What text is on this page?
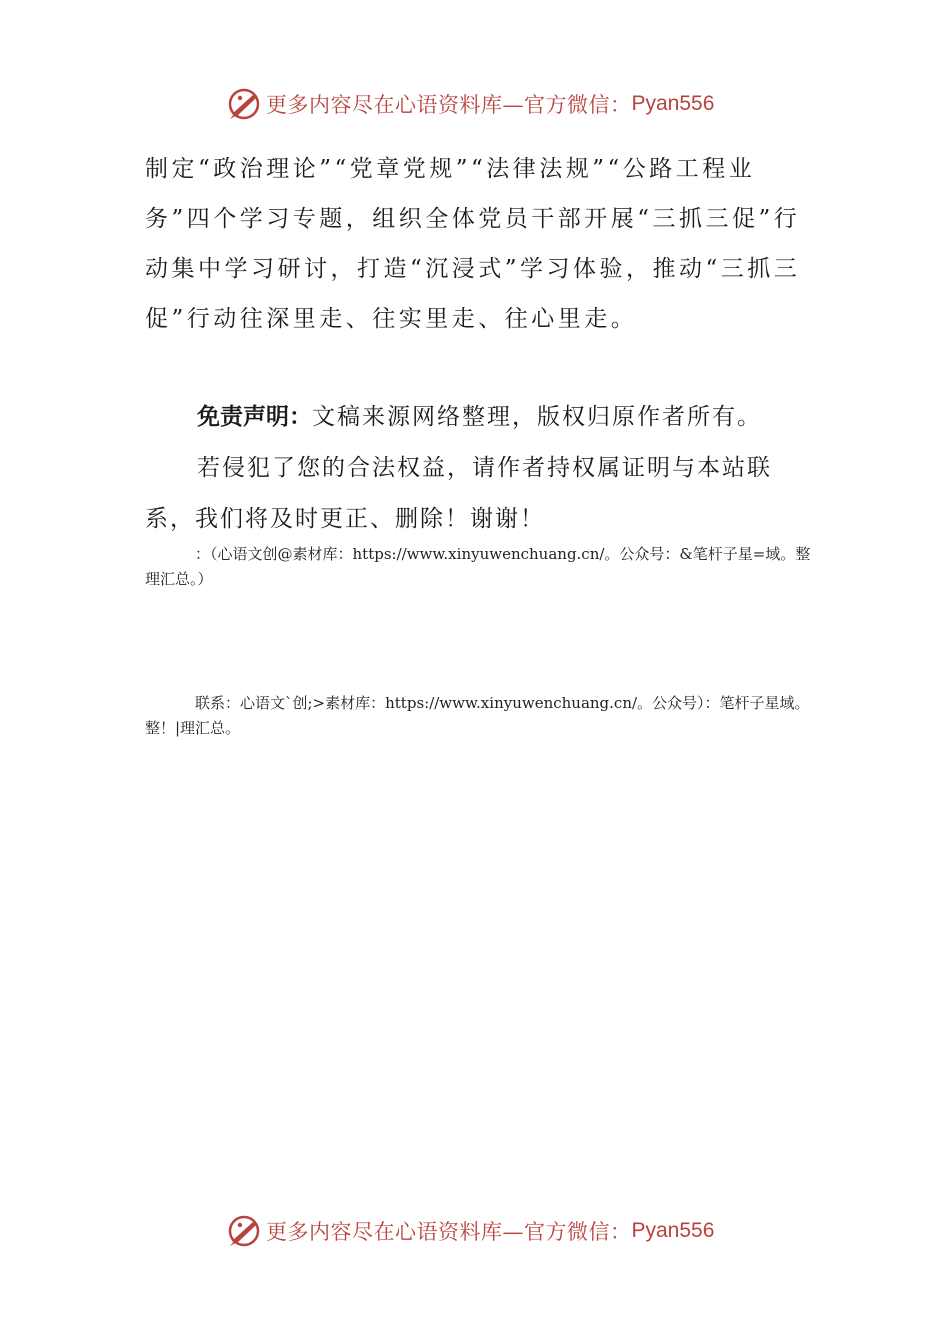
更多内容尽在心语资料库—官方微信： Pyan556

制定“政治理论”“党章党规”“法律法规”“公路工程业务”四个学习专题，组织全体党员干部开展“三抓三促”行动集中学习研讨，打造“沉浸式”学习体验，推动“三抓三促”行动往深里走、往实里走、往心里走。

免责声明：文稿来源网络整理，版权归原作者所有。

若侵犯了您的合法权益，请作者持权属证明与本站联系，我们将及时更正、删除！谢谢！

：（心语文创@素材库：https://www.xinyuwenchuang.cn/。公众号：&笔杆子星=域。整理汇总。）

联系：心语文`创;>素材库：https://www.xinyuwenchuang.cn/。公众号）：笔杆子星域。整！|理汇总。

更多内容尽在心语资料库—官方微信： Pyan556
